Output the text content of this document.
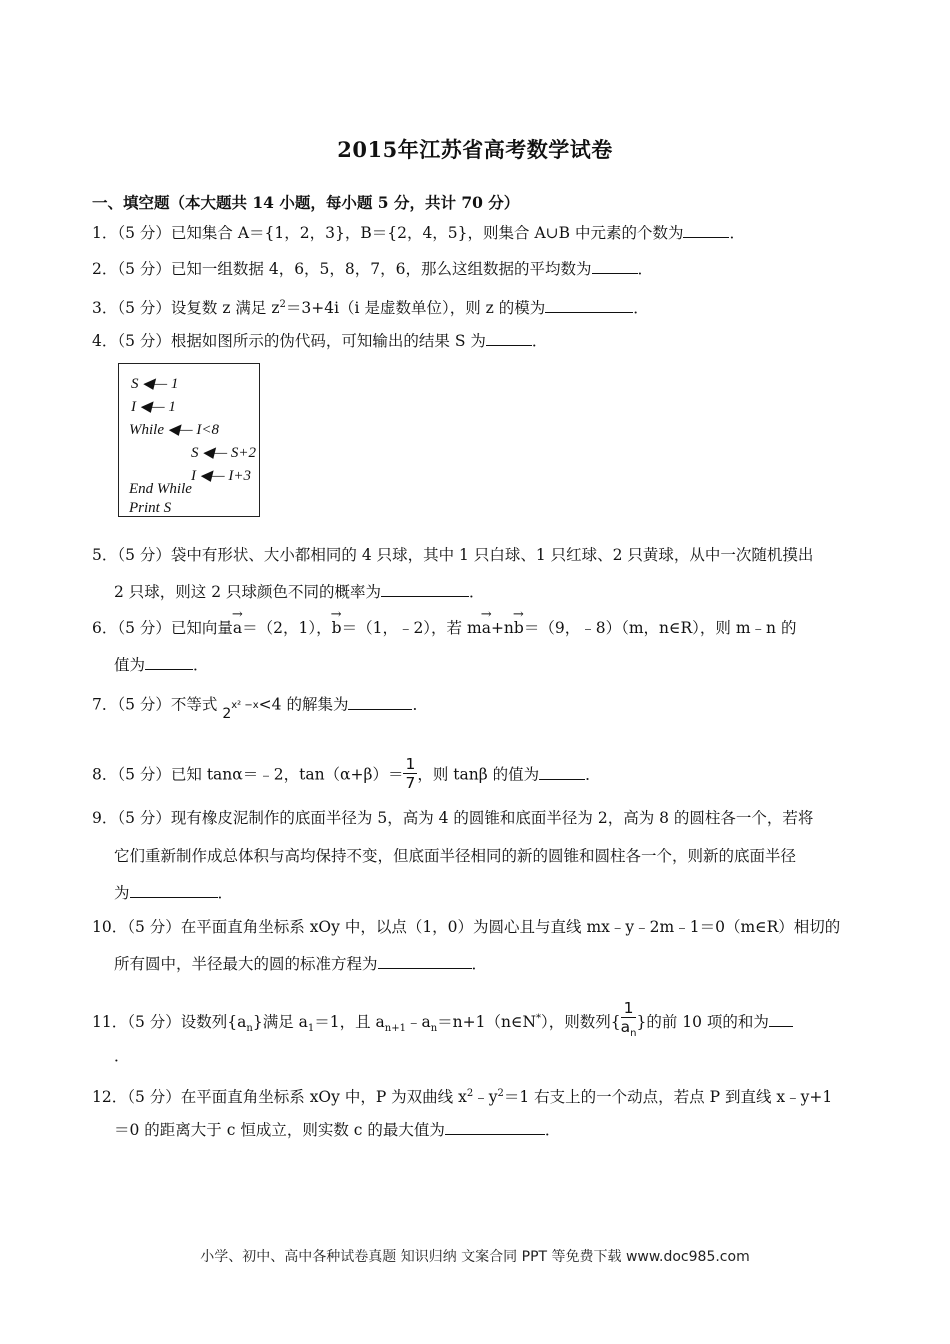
2015年江苏省高考数学试卷
一、填空题（本大题共 14 小题，每小题 5 分，共计 70 分）
1．（5 分）已知集合 A＝{1，2，3}，B＝{2，4，5}，则集合 A∪B 中元素的个数为	．
2．（5 分）已知一组数据 4，6，5，8，7，6，那么这组数据的平均数为	．
3．（5 分）设复数 z 满足 $z^2=3+4i(i$ 是虚数单位），则 z 的模为	．
4．（5 分）根据如图所示的伪代码，可知输出的结果 S 为	．
S ◀— 1
I ◀— 1
While ◀— I<8
S ◀— S+2
I ◀— I+3
End While
Print S
5．（5 分）袋中有形状、大小都相同的 4 只球，其中 1 只白球、1 只红球、2 只黄球，从中一次随机摸出
2 只球，则这 2 只球颜色不同的概率为	．
6．（5 分）已知向量→ a＝（2，1），→ b＝（1，﹣2），若 m→ a+n→ b＝（9，﹣8）（m，n∈R），则 m﹣n 的
值为	．
7．（5 分）不等式 $2^{x^2 -x}<4$ 的解集为	．
8．（5 分）已知 tanα＝﹣2，$\tan(\alpha+\beta)= \frac{1}{7}$ ，则 tanβ 的值为	．
9．（5 分）现有橡皮泥制作的底面半径为 5，高为 4 的圆锥和底面半径为 2，高为 8 的圆柱各一个，若将
它们重新制作成总体积与高均保持不变，但底面半径相同的新的圆锥和圆柱各一个，则新的底面半径
为	．
10．（5 分）在平面直角坐标系 xOy 中，以点（1，0）为圆心且与直线 mx﹣y﹣2m﹣1＝0（m∈R）相切的
所有圆中，半径最大的圆的标准方程为	．
11．（5 分）设数列$\{a_n\}$满足 $a_1=1$，且 $a_{n+1}﹣a_n=n+1(n\in N^*)$，则数列{ $\frac{1}{a_n}$ }的前 10 项的和为
．
12．（5 分）在平面直角坐标系 xOy 中，P 为双曲线 $x^2﹣y^2=1$ 右支上的一个动点，若点 P 到直线 x﹣y+1
＝0 的距离大于 c 恒成立，则实数 c 的最大值为	．
小学、初中、高中各种试卷真题 知识归纳 文案合同 PPT 等免费下载 www.doc985.com
